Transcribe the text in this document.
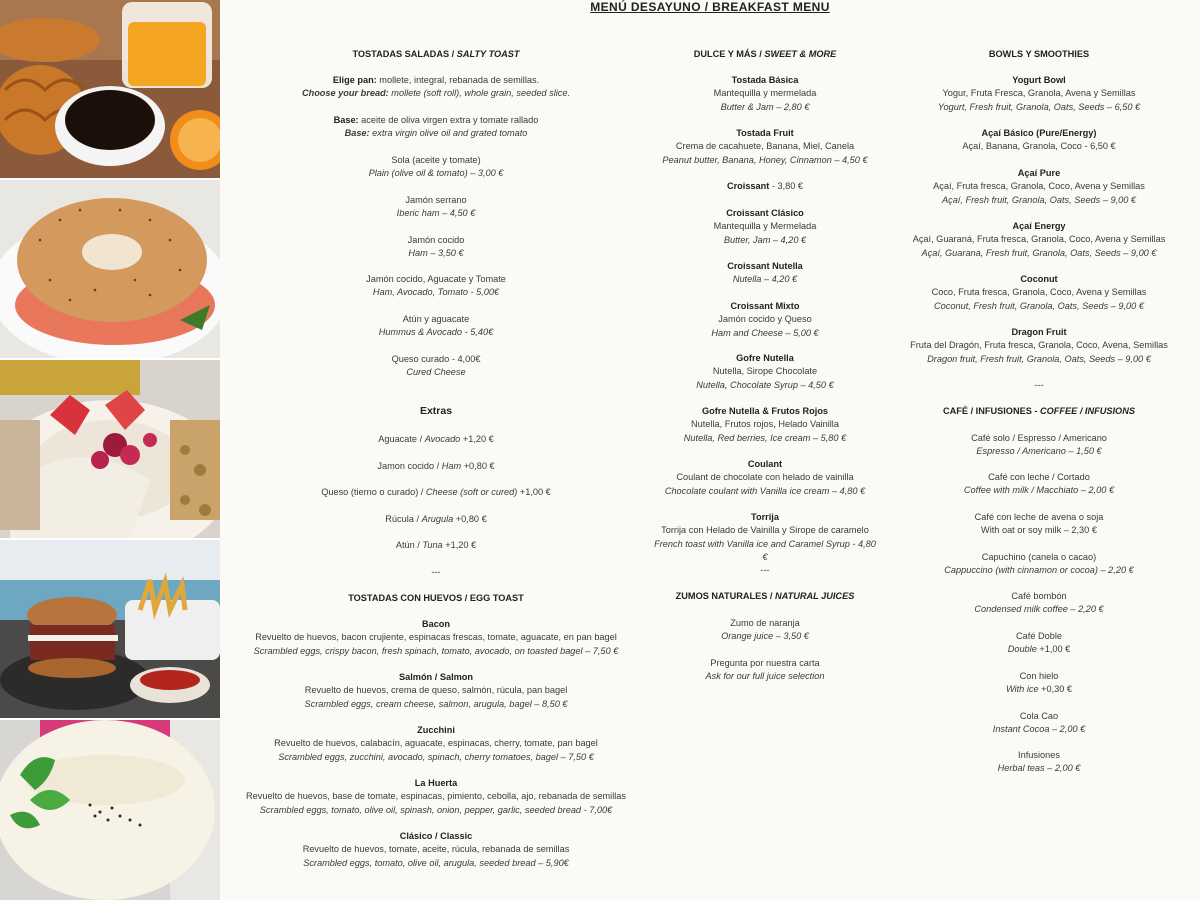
MENÚ DESAYUNO / BREAKFAST MENU
TOSTADAS SALADAS / SALTY TOAST
Elige pan: mollete, integral, rebanada de semillas.
Choose your bread: mollete (soft roll), whole grain, seeded slice.
Base: aceite de oliva virgen extra y tomate rallado
Base: extra virgin olive oil and grated tomato
Sola (aceite y tomate)
Plain (olive oil & tomato) – 3,00 €
Jamón serrano
Iberic ham – 4,50 €
Jamón cocido
Ham – 3,50 €
Jamón cocido, Aguacate y Tomate
Ham, Avocado, Tomato - 5,00€
Atún y aguacate
Hummus & Avocado - 5,40€
Queso curado - 4,00€
Cured Cheese
Extras
Aguacate / Avocado +1,20 €
Jamon cocido / Ham +0,80 €
Queso (tierno o curado) / Cheese (soft or cured) +1,00 €
Rúcula / Arugula +0,80 €
Atún / Tuna +1,20 €
---
TOSTADAS CON HUEVOS / EGG TOAST
Bacon
Revuelto de huevos, bacon crujiente, espinacas frescas, tomate, aguacate, en pan bagel
Scrambled eggs, crispy bacon, fresh spinach, tomato, avocado, on toasted bagel – 7,50 €
Salmón / Salmon
Revuelto de huevos, crema de queso, salmón, rúcula, pan bagel
Scrambled eggs, cream cheese, salmon, arugula, bagel – 8,50 €
Zucchini
Revuelto de huevos, calabacín, aguacate, espinacas, cherry, tomate, pan bagel
Scrambled eggs, zucchini, avocado, spinach, cherry tomatoes, bagel – 7,50 €
La Huerta
Revuelto de huevos, base de tomate, espinacas, pimiento, cebolla, ajo, rebanada de semillas
Scrambled eggs, tomato, olive oil, spinash, onion, pepper, garlic, seeded bread - 7,00€
Clásico / Classic
Revuelto de huevos, tomate, aceite, rúcula, rebanada de semillas
Scrambled eggs, tomato, olive oil, arugula, seeded bread – 5,90€
DULCE Y MÁS / SWEET & MORE
Tostada Básica
Mantequilla y mermelada
Butter & Jam – 2,80 €
Tostada Fruit
Crema de cacahuete, Banana, Miel, Canela
Peanut butter, Banana, Honey, Cinnamon – 4,50 €
Croissant - 3,80 €
Croissant Clásico
Mantequilla y Mermelada
Butter, Jam – 4,20 €
Croissant Nutella
Nutella – 4,20 €
Croissant Mixto
Jamón cocido y Queso
Ham and Cheese – 5,00 €
Gofre Nutella
Nutella, Sirope Chocolate
Nutella, Chocolate Syrup – 4,50 €
Gofre Nutella & Frutos Rojos
Nutella, Frutos rojos, Helado Vainilla
Nutella, Red berries, Ice cream – 5,80 €
Coulant
Coulant de chocolate con helado de vainilla
Chocolate coulant with Vanilla ice cream – 4,80 €
Torrija
Torrija con Helado de Vainilla y Sirope de caramelo
French toast with Vanilla ice and Caramel Syrup - 4,80 €
---
ZUMOS NATURALES / NATURAL JUICES
Zumo de naranja
Orange juice – 3,50 €
Pregunta por nuestra carta
Ask for our full juice selection
BOWLS Y SMOOTHIES
Yogurt Bowl
Yogur, Fruta Fresca, Granola, Avena y Semillas
Yogurt, Fresh fruit, Granola, Oats, Seeds – 6,50 €
Açaí Básico (Pure/Energy)
Açaí, Banana, Granola, Coco - 6,50 €
Açaí Pure
Açaí, Fruta fresca, Granola, Coco, Avena y Semillas
Açaí, Fresh fruit, Granola, Oats, Seeds – 9,00 €
Açaí Energy
Açaí, Guaraná, Fruta fresca, Granola, Coco, Avena y Semillas
Açaí, Guarana, Fresh fruit, Granola, Oats, Seeds – 9,00 €
Coconut
Coco, Fruta fresca, Granola, Coco, Avena y Semillas
Coconut, Fresh fruit, Granola, Oats, Seeds – 9,00 €
Dragon Fruit
Fruta del Dragón, Fruta fresca, Granola, Coco, Avena, Semillas
Dragon fruit, Fresh fruit, Granola, Oats, Seeds – 9,00 €
---
CAFÉ / INFUSIONES - COFFEE / INFUSIONS
Café solo / Espresso / Americano
Espresso / Americano – 1,50 €
Café con leche / Cortado
Coffee with milk / Macchiato – 2,00 €
Café con leche de avena o soja
With oat or soy milk – 2,30 €
Capuchino (canela o cacao)
Cappuccino (with cinnamon or cocoa) – 2,20 €
Café bombón
Condensed milk coffee – 2,20 €
Café Doble
Double +1,00 €
Con hielo
With ice +0,30 €
Cola Cao
Instant Cocoa – 2,00 €
Infusiones
Herbal teas – 2,00 €
